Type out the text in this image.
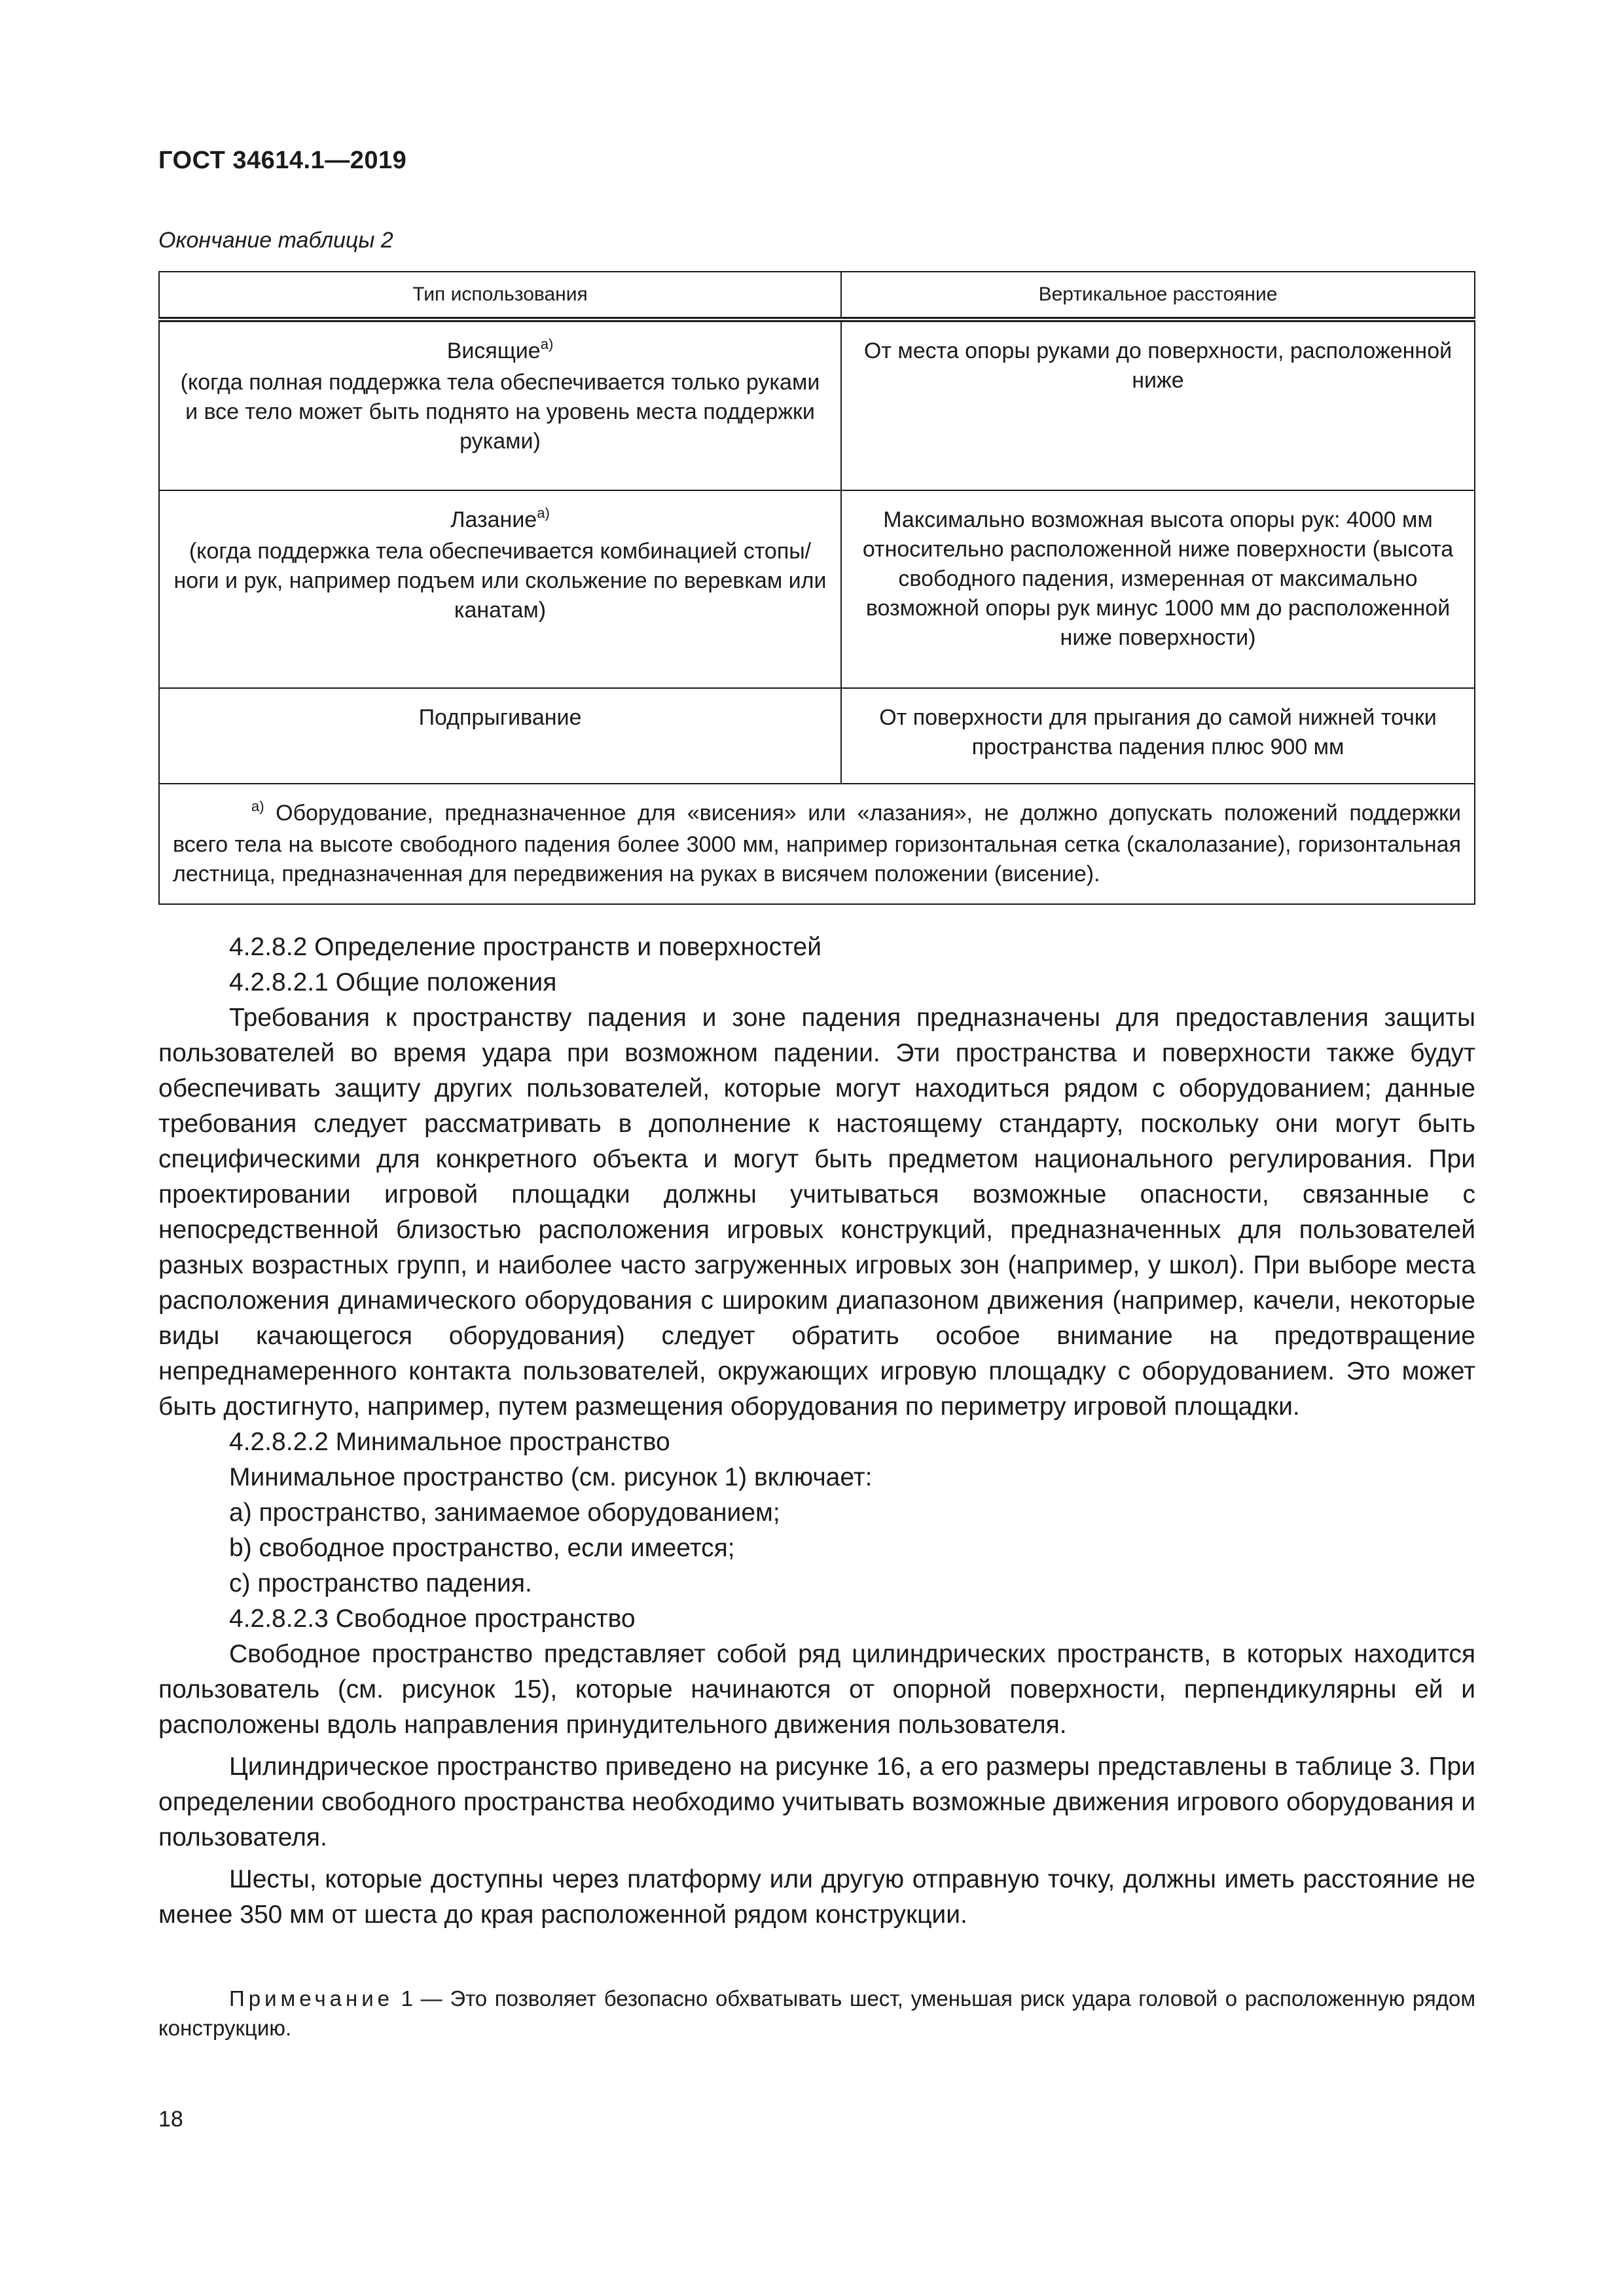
ГОСТ 34614.1—2019
Окончание таблицы 2
Тип использования	Вертикальное расстояние
Висящие$^{a)}$
(когда полная поддержка тела обеспечивается только руками и все тело может быть поднято на уровень места поддержки руками)	От места опоры руками до поверхности, расположенной ниже
Лазание$^{a)}$
(когда поддержка тела обеспечивается комбинацией стопы/ноги и рук, например подъем или скольжение по веревкам или канатам)	Максимально возможная высота опоры рук: 4000 мм относительно расположенной ниже поверхности (высота свободного падения, измеренная от максимально возможной опоры рук минус 1000 мм до расположенной ниже поверхности)
Подпрыгивание	От поверхности для прыгания до самой нижней точки пространства падения плюс 900 мм
$^{a)}$ Оборудование, предназначенное для «висения» или «лазания», не должно допускать положений поддержки всего тела на высоте свободного падения более 3000 мм, например горизонтальная сетка (скалолазание), горизонтальная лестница, предназначенная для передвижения на руках в висячем положении (висение).	

4.2.8.2 Определение пространств и поверхностей

4.2.8.2.1 Общие положения

Требования к пространству падения и зоне падения предназначены для предоставления защиты пользователей во время удара при возможном падении. Эти пространства и поверхности также будут обеспечивать защиту других пользователей, которые могут находиться рядом с оборудованием; данные требования следует рассматривать в дополнение к настоящему стандарту, поскольку они могут быть специфическими для конкретного объекта и могут быть предметом национального регулирования. При проектировании игровой площадки должны учитываться возможные опасности, связанные с непосредственной близостью расположения игровых конструкций, предназначенных для пользователей разных возрастных групп, и наиболее часто загруженных игровых зон (например, у школ). При выборе места расположения динамического оборудования с широким диапазоном движения (например, качели, некоторые виды качающегося оборудования) следует обратить особое внимание на предотвращение непреднамеренного контакта пользователей, окружающих игровую площадку с оборудованием. Это может быть достигнуто, например, путем размещения оборудования по периметру игровой площадки.

4.2.8.2.2 Минимальное пространство

Минимальное пространство (см. рисунок 1) включает:

a) пространство, занимаемое оборудованием;

b) свободное пространство, если имеется;

c) пространство падения.

4.2.8.2.3 Свободное пространство

Свободное пространство представляет собой ряд цилиндрических пространств, в которых находится пользователь (см. рисунок 15), которые начинаются от опорной поверхности, перпендикулярны ей и расположены вдоль направления принудительного движения пользователя.

Цилиндрическое пространство приведено на рисунке 16, а его размеры представлены в таблице 3. При определении свободного пространства необходимо учитывать возможные движения игрового оборудования и пользователя.

Шесты, которые доступны через платформу или другую отправную точку, должны иметь расстояние не менее 350 мм от шеста до края расположенной рядом конструкции.

Примечание 1 — Это позволяет безопасно обхватывать шест, уменьшая риск удара головой о расположенную рядом конструкцию.
18
